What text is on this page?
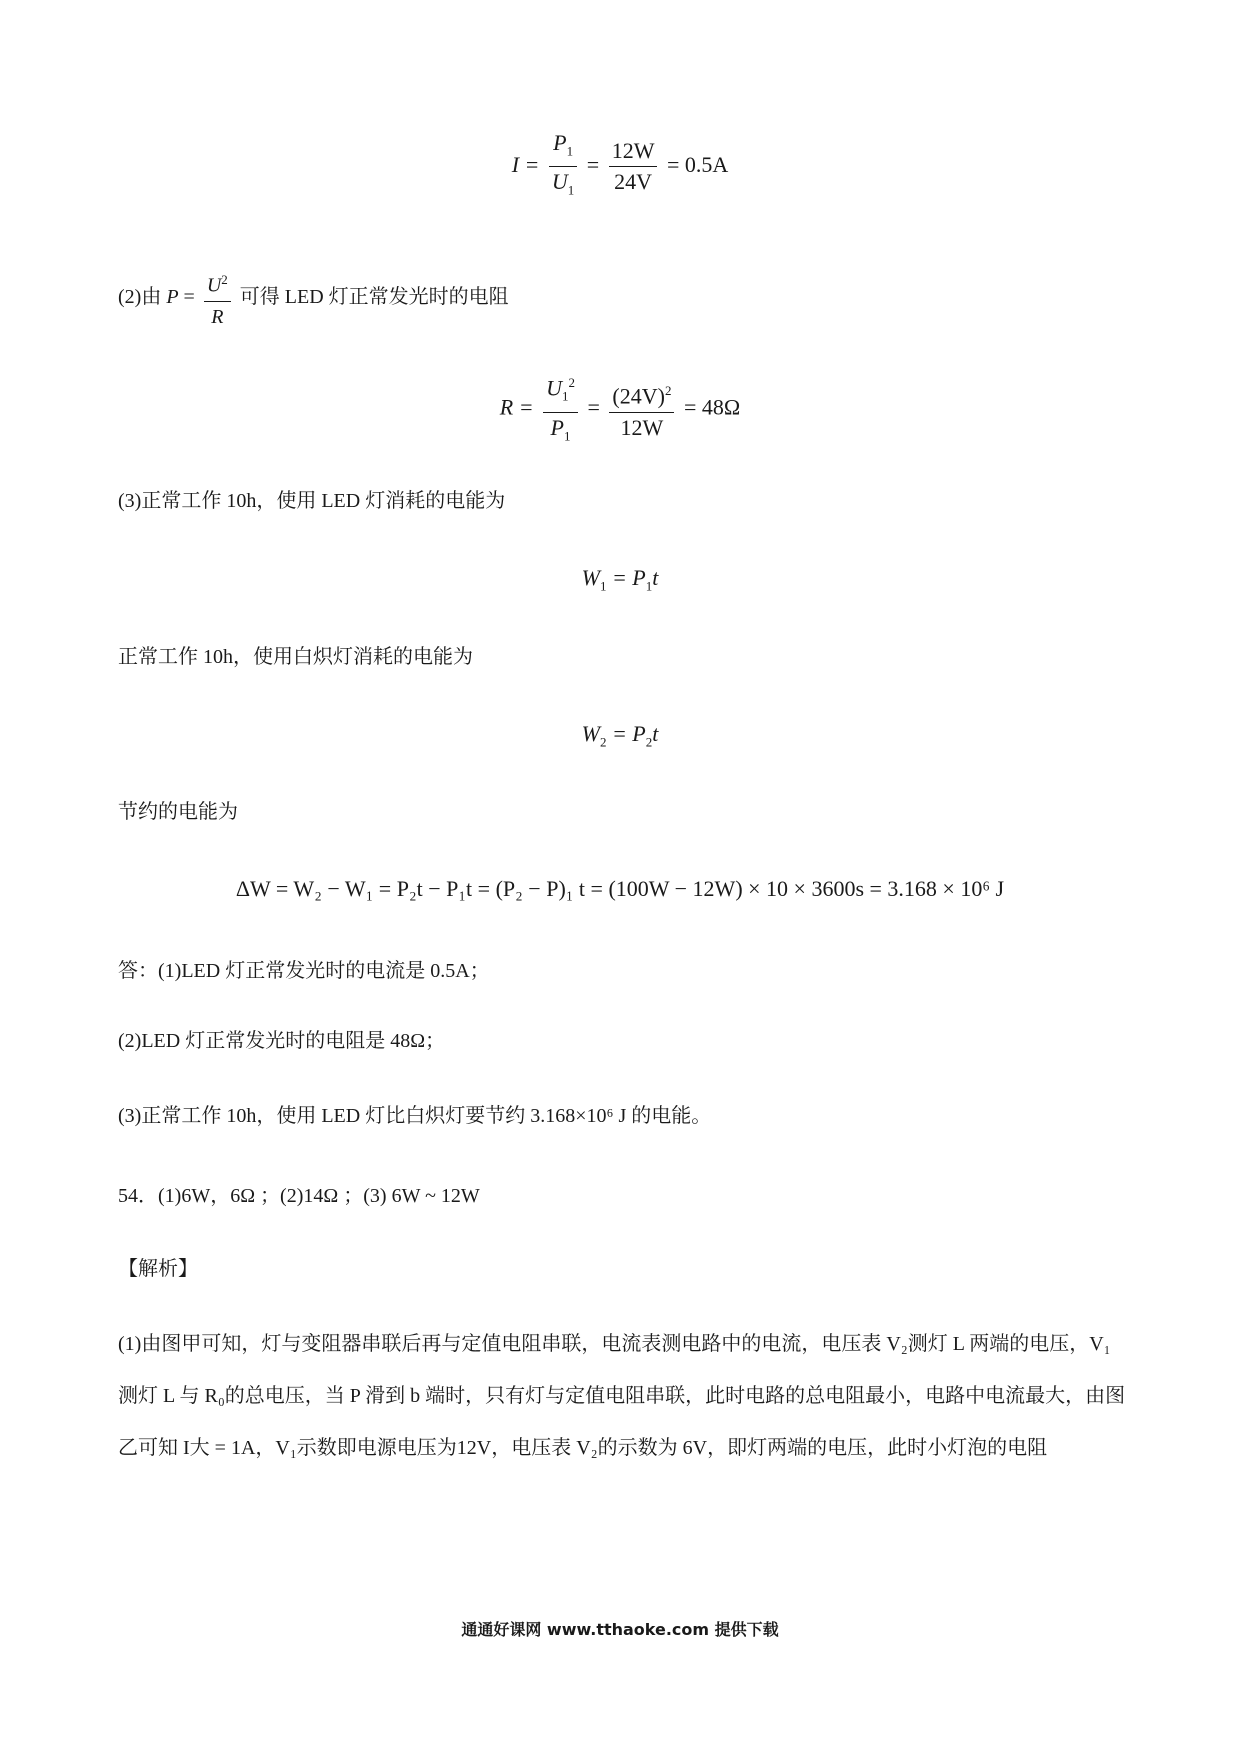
$I = \frac{P_1}{U_1} = \frac{12W}{24V} = 0.5A$
(2)由 $P = \frac{U^2}{R}$ 可得 LED 灯正常发光时的电阻
$R = \frac{U_1^2}{P_1} = \frac{(24V)^2}{12W} = 48\Omega$
(3)正常工作 10h，使用 LED 灯消耗的电能为
$W_1 = P_1t$
正常工作 10h，使用白炽灯消耗的电能为
$W_2 = P_2t$
节约的电能为
ΔW = W₂ − W₁ = P₂t − P₁t = (P₂ − P)₁ t = (100W − 12W) × 10 × 3600s = 3.168 × 10⁶ J
答：(1)LED 灯正常发光时的电流是 0.5A；
(2)LED 灯正常发光时的电阻是 48Ω；
(3)正常工作 10h，使用 LED 灯比白炽灯要节约 3.168×10⁶ J 的电能。
54．(1)6W，6Ω ；(2)14Ω ；(3) 6W ~ 12W
【解析】
(1)由图甲可知，灯与变阻器串联后再与定值电阻串联，电流表测电路中的电流，电压表 V₂测灯 L 两端的电压，V₁测灯 L 与 R₀的总电压，当 P 滑到 b 端时，只有灯与定值电阻串联，此时电路的总电阻最小，电路中电流最大，由图乙可知 I大 = 1A，V₁示数即电源电压为12V，电压表 V₂的示数为 6V，即灯两端的电压，此时小灯泡的电阻
通通好课网 www.tthaoke.com 提供下载
